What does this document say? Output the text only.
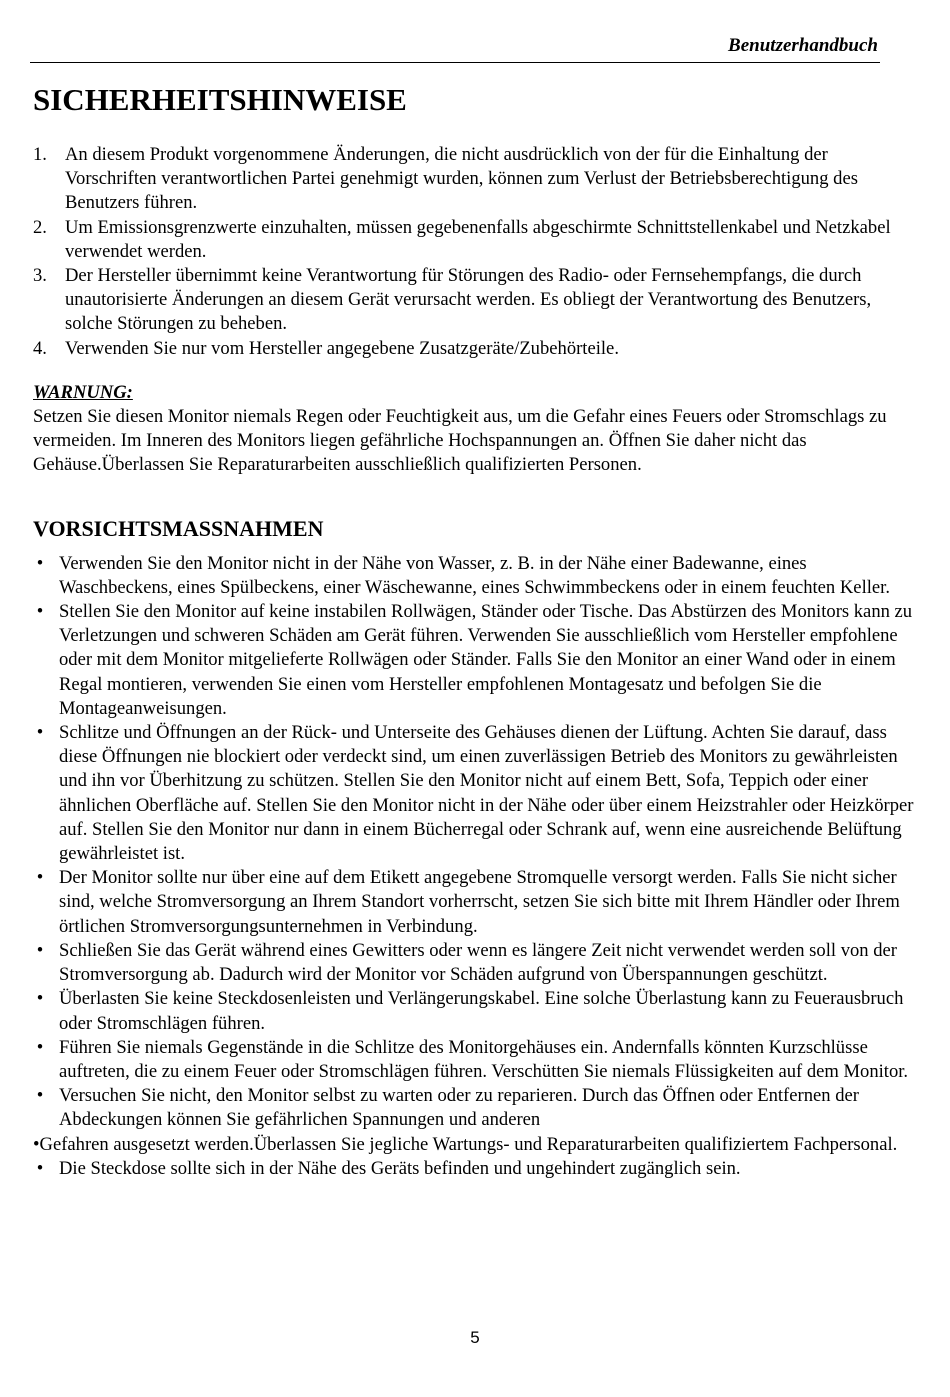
Benutzerhandbuch
SICHERHEITSHINWEISE
1. An diesem Produkt vorgenommene Änderungen, die nicht ausdrücklich von der für die Einhaltung der Vorschriften verantwortlichen Partei genehmigt wurden, können zum Verlust der Betriebsberechtigung des Benutzers führen.
2. Um Emissionsgrenzwerte einzuhalten, müssen gegebenenfalls abgeschirmte Schnittstellenkabel und Netzkabel verwendet werden.
3. Der Hersteller übernimmt keine Verantwortung für Störungen des Radio- oder Fernsehempfangs, die durch unautorisierte Änderungen an diesem Gerät verursacht werden. Es obliegt der Verantwortung des Benutzers, solche Störungen zu beheben.
4. Verwenden Sie nur vom Hersteller angegebene Zusatzgeräte/Zubehörteile.
WARNUNG:
Setzen Sie diesen Monitor niemals Regen oder Feuchtigkeit aus, um die Gefahr eines Feuers oder Stromschlags zu vermeiden. Im Inneren des Monitors liegen gefährliche Hochspannungen an. Öffnen Sie daher nicht das Gehäuse.Überlassen Sie Reparaturarbeiten ausschließlich qualifizierten Personen.
VORSICHTSMASSNAHMEN
• Verwenden Sie den Monitor nicht in der Nähe von Wasser, z. B. in der Nähe einer Badewanne, eines Waschbeckens, eines Spülbeckens, einer Wäschewanne, eines Schwimmbeckens oder in einem feuchten Keller.
• Stellen Sie den Monitor auf keine instabilen Rollwägen, Ständer oder Tische. Das Abstürzen des Monitors kann zu Verletzungen und schweren Schäden am Gerät führen. Verwenden Sie ausschließlich vom Hersteller empfohlene oder mit dem Monitor mitgelieferte Rollwägen oder Ständer. Falls Sie den Monitor an einer Wand oder in einem Regal montieren, verwenden Sie einen vom Hersteller empfohlenen Montagesatz und befolgen Sie die Montageanweisungen.
• Schlitze und Öffnungen an der Rück- und Unterseite des Gehäuses dienen der Lüftung. Achten Sie darauf, dass diese Öffnungen nie blockiert oder verdeckt sind, um einen zuverlässigen Betrieb des Monitors zu gewährleisten und ihn vor Überhitzung zu schützen. Stellen Sie den Monitor nicht auf einem Bett, Sofa, Teppich oder einer ähnlichen Oberfläche auf. Stellen Sie den Monitor nicht in der Nähe oder über einem Heizstrahler oder Heizkörper auf. Stellen Sie den Monitor nur dann in einem Bücherregal oder Schrank auf, wenn eine ausreichende Belüftung gewährleistet ist.
• Der Monitor sollte nur über eine auf dem Etikett angegebene Stromquelle versorgt werden. Falls Sie nicht sicher sind, welche Stromversorgung an Ihrem Standort vorherrscht, setzen Sie sich bitte mit Ihrem Händler oder Ihrem örtlichen Stromversorgungsunternehmen in Verbindung.
• Schließen Sie das Gerät während eines Gewitters oder wenn es längere Zeit nicht verwendet werden soll von der Stromversorgung ab. Dadurch wird der Monitor vor Schäden aufgrund von Überspannungen geschützt.
• Überlasten Sie keine Steckdosenleisten und Verlängerungskabel. Eine solche Überlastung kann zu Feuerausbruch oder Stromschlägen führen.
• Führen Sie niemals Gegenstände in die Schlitze des Monitorgehäuses ein. Andernfalls könnten Kurzschlüsse auftreten, die zu einem Feuer oder Stromschlägen führen. Verschütten Sie niemals Flüssigkeiten auf dem Monitor.
• Versuchen Sie nicht, den Monitor selbst zu warten oder zu reparieren. Durch das Öffnen oder Entfernen der Abdeckungen können Sie gefährlichen Spannungen und anderen
•Gefahren ausgesetzt werden.Überlassen Sie jegliche Wartungs- und Reparaturarbeiten qualifiziertem Fachpersonal.
• Die Steckdose sollte sich in der Nähe des Geräts befinden und ungehindert zugänglich sein.
5
